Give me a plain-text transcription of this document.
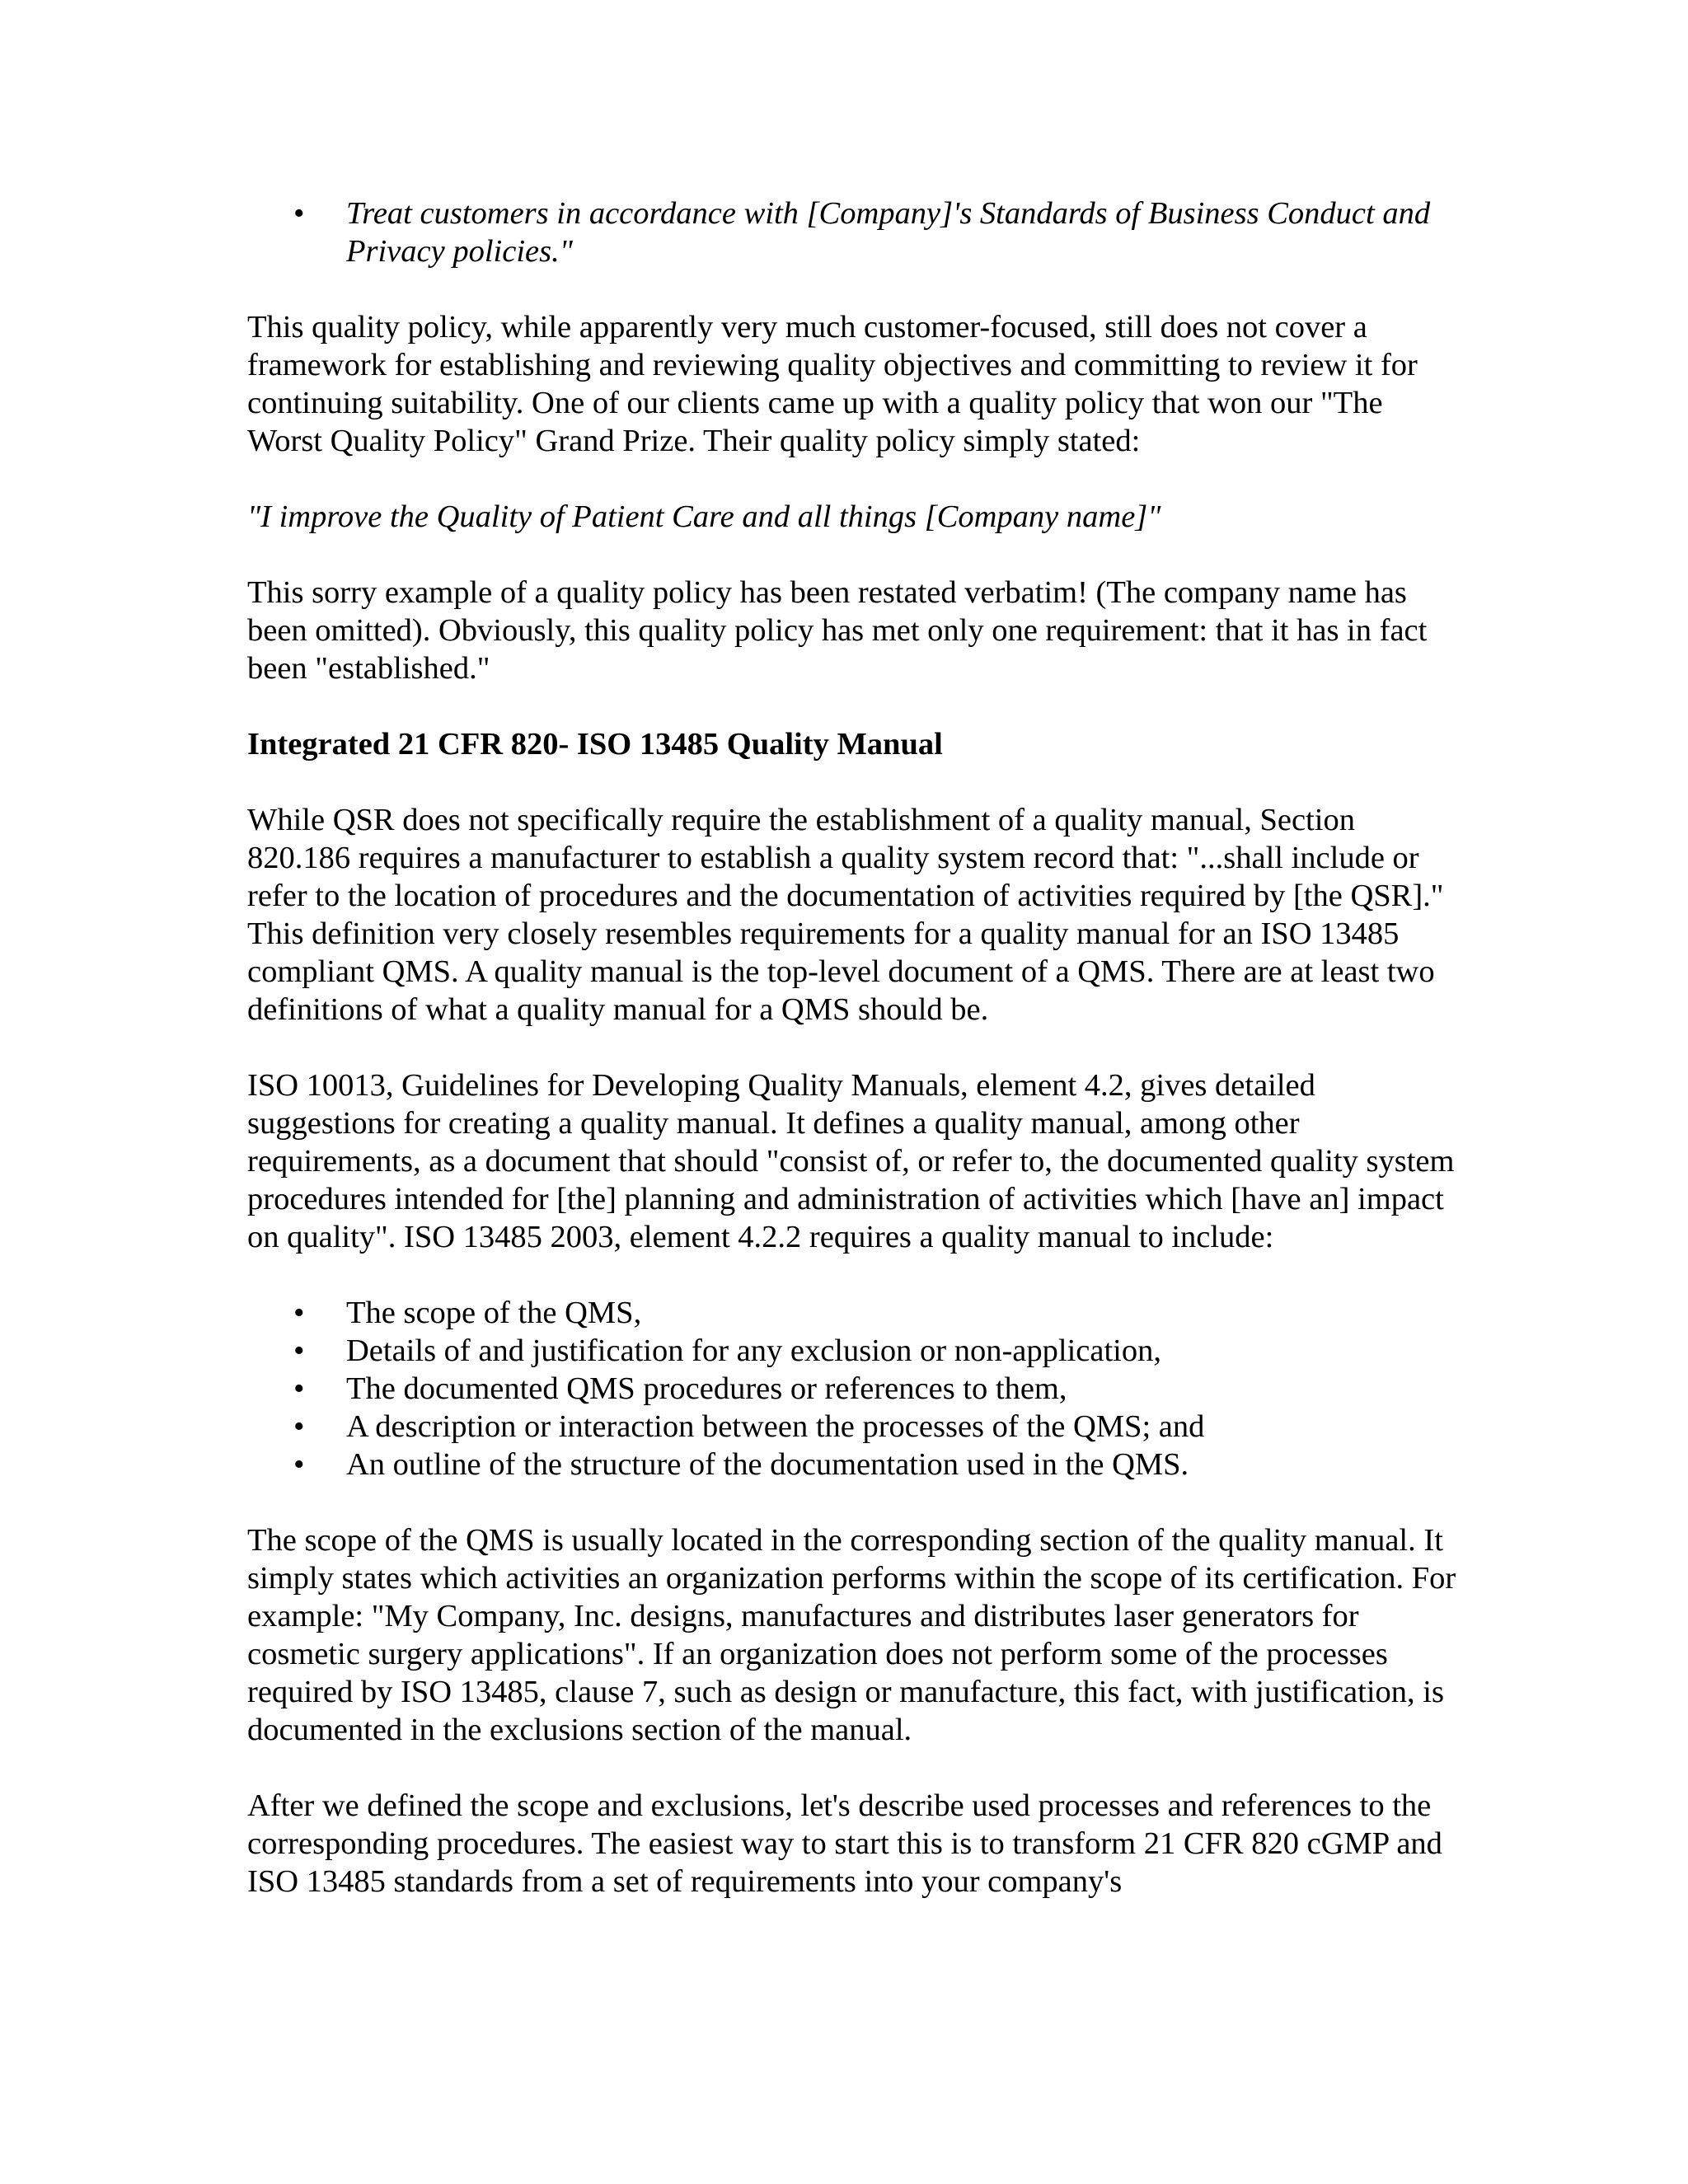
• Treat customers in accordance with [Company]'s Standards of Business Conduct and Privacy policies."

This quality policy, while apparently very much customer-focused, still does not cover a framework for establishing and reviewing quality objectives and committing to review it for continuing suitability. One of our clients came up with a quality policy that won our "The Worst Quality Policy" Grand Prize. Their quality policy simply stated:

"I improve the Quality of Patient Care and all things [Company name]"

This sorry example of a quality policy has been restated verbatim! (The company name has been omitted). Obviously, this quality policy has met only one requirement: that it has in fact been "established."

Integrated 21 CFR 820- ISO 13485 Quality Manual

While QSR does not specifically require the establishment of a quality manual, Section 820.186 requires a manufacturer to establish a quality system record that: "...shall include or refer to the location of procedures and the documentation of activities required by [the QSR]." This definition very closely resembles requirements for a quality manual for an ISO 13485 compliant QMS. A quality manual is the top-level document of a QMS. There are at least two definitions of what a quality manual for a QMS should be.

ISO 10013, Guidelines for Developing Quality Manuals, element 4.2, gives detailed suggestions for creating a quality manual. It defines a quality manual, among other requirements, as a document that should "consist of, or refer to, the documented quality system procedures intended for [the] planning and administration of activities which [have an] impact on quality". ISO 13485 2003, element 4.2.2 requires a quality manual to include:

• The scope of the QMS,
• Details of and justification for any exclusion or non-application,
• The documented QMS procedures or references to them,
• A description or interaction between the processes of the QMS; and
• An outline of the structure of the documentation used in the QMS.

The scope of the QMS is usually located in the corresponding section of the quality manual. It simply states which activities an organization performs within the scope of its certification. For example: "My Company, Inc. designs, manufactures and distributes laser generators for cosmetic surgery applications". If an organization does not perform some of the processes required by ISO 13485, clause 7, such as design or manufacture, this fact, with justification, is documented in the exclusions section of the manual.

After we defined the scope and exclusions, let's describe used processes and references to the corresponding procedures. The easiest way to start this is to transform 21 CFR 820 cGMP and ISO 13485 standards from a set of requirements into your company's
